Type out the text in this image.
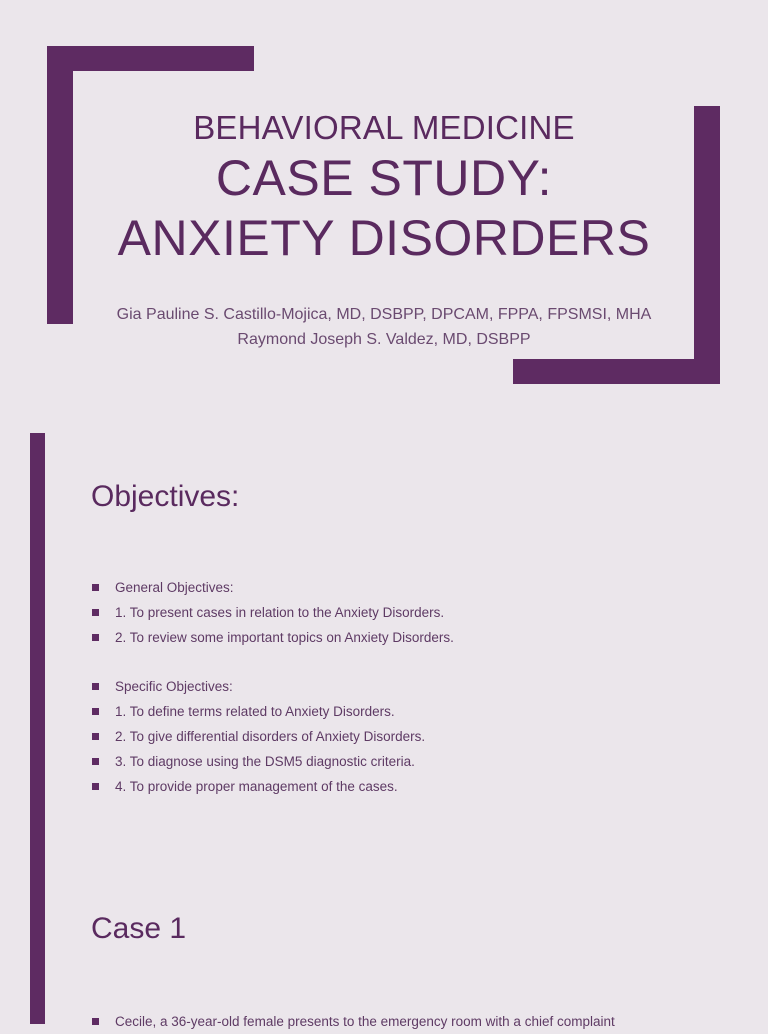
BEHAVIORAL MEDICINE
CASE STUDY:
ANXIETY DISORDERS
Gia Pauline S. Castillo-Mojica, MD, DSBPP, DPCAM, FPPA, FPSMSI, MHA
Raymond Joseph S. Valdez, MD, DSBPP
Objectives:
General Objectives:
1. To present cases in relation to the Anxiety Disorders.
2. To review some important topics on Anxiety Disorders.
Specific Objectives:
1. To define terms related to Anxiety Disorders.
2. To give differential disorders of Anxiety Disorders.
3. To diagnose using the DSM5 diagnostic criteria.
4. To provide proper management of the cases.
Case 1
Cecile, a 36-year-old female presents to the emergency room with a chief complaint
